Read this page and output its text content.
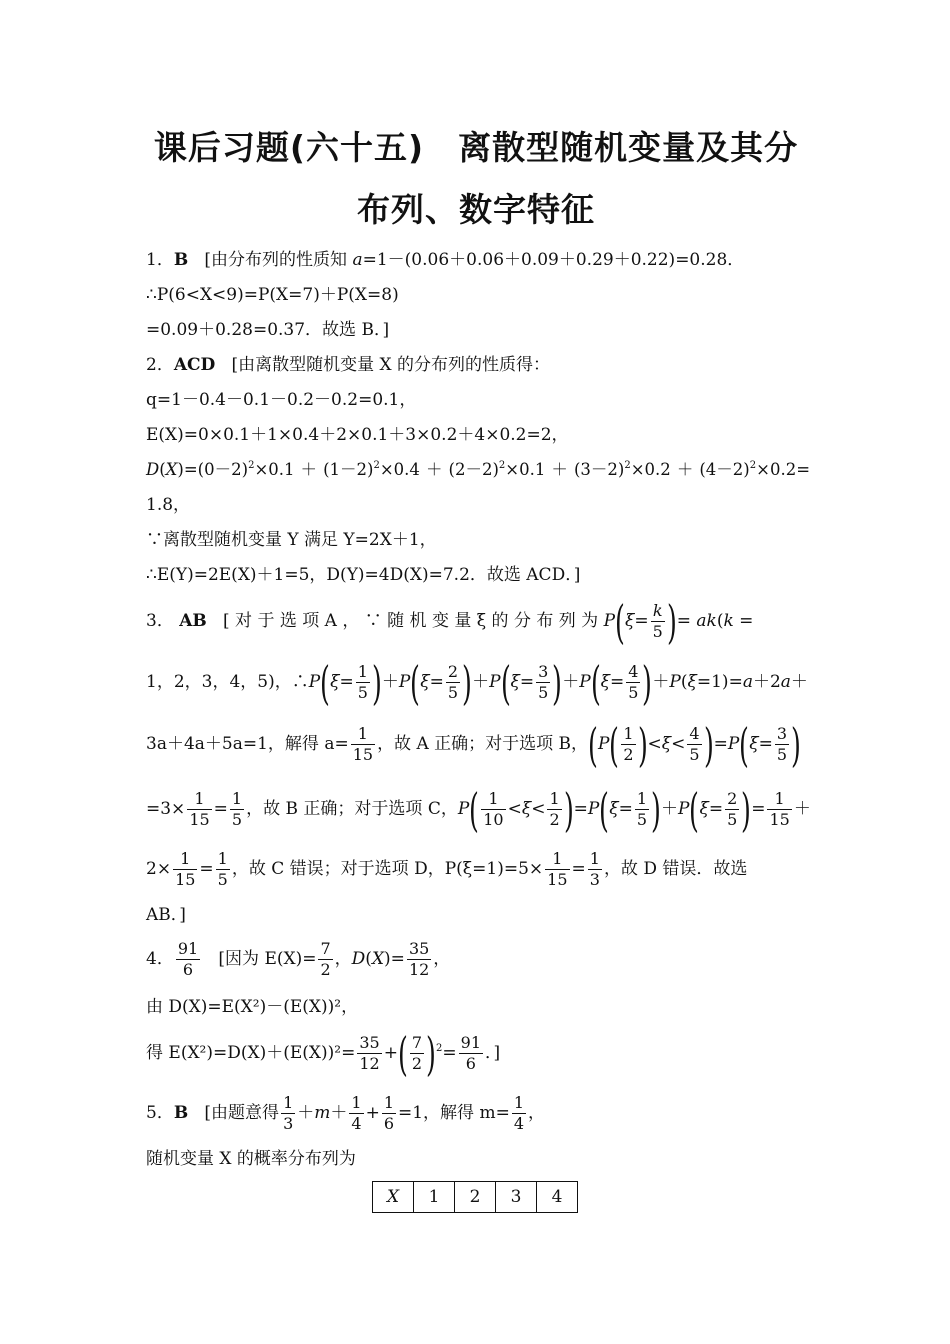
课后习题(六十五)　离散型随机变量及其分
布列、数字特征
1．B [由分布列的性质知 a=1－(0.06＋0.06＋0.09＋0.29＋0.22)=0.28．
∴P(6<X<9)=P(X=7)＋P(X=8)
=0.09＋0.28=0.37．故选 B．]
2．ACD [由离散型随机变量 X 的分布列的性质得：
q=1－0.4－0.1－0.2－0.2=0.1，
E(X)=0×0.1＋1×0.4＋2×0.1＋3×0.2＋4×0.2=2，
$D(X)=(0-2)^2\times 0.1+(1-2)^2\times 0.4+(2-2)^2\times 0.1+(3-2)^2\times 0.2+(4-2)^2\times 0.2=$
1.8，
∵离散型随机变量 Y 满足 Y=2X＋1，
∴E(Y)=2E(X)＋1=5，D(Y)=4D(X)=7.2．故选 ACD．]
3． AB [ 对 于 选 项 A ， ∵ 随 机 变 量 ξ 的 分 布 列 为 $P(\xi= \frac{k}{5}$ )= ak(k =
1，2，3，4，5)，∴P(ξ= $\frac{1}{5} )+P(\xi= \frac{2}{5} )+P(\xi= \frac{3}{5} )+P(\xi= \frac{4}{5} )+P(\xi=1)=a+2a+$
3a＋4a＋5a=1，解得 $a= \frac{1}{15}$ ，故 A 正确；对于选项 B，$(P( \frac{1}{2} )<\xi< \frac{4}{5} )=P(\xi= \frac{3}{5}$ )
$=3\times \frac{1}{15} = \frac{1}{5}$ ，故 B 正确；对于选项 C，$P( \frac{1}{10} <\xi< \frac{1}{2} )=P(\xi= \frac{1}{5} )+P(\xi= \frac{2}{5}$ )= $\frac{1}{15}$ ＋
$2\times \frac{1}{15} = \frac{1}{5}$ ，故 C 错误；对于选项 D，$P(\xi=1)=5\times \frac{1}{15} = \frac{1}{3}$ ，故 D 错误．故选
AB．]
4． $\frac{91}{6}$ [因为 $E(X)= \frac{7}{2}$ ，$D(X)= \frac{35}{12}$ ，
由 D(X)=E(X²)－(E(X))²，
得 $E(X^2)=D(X)+(E(X))^2= \frac{35}{12}$ +( $\frac{7}{2} )^2= \frac{91}{6}$ ．]
5．B [由题意得 $\frac{1}{3} +m+ \frac{1}{4} + \frac{1}{6} =1$，解得 $m= \frac{1}{4}$ ，
随机变量 X 的概率分布列为
X	1	2	3	4
